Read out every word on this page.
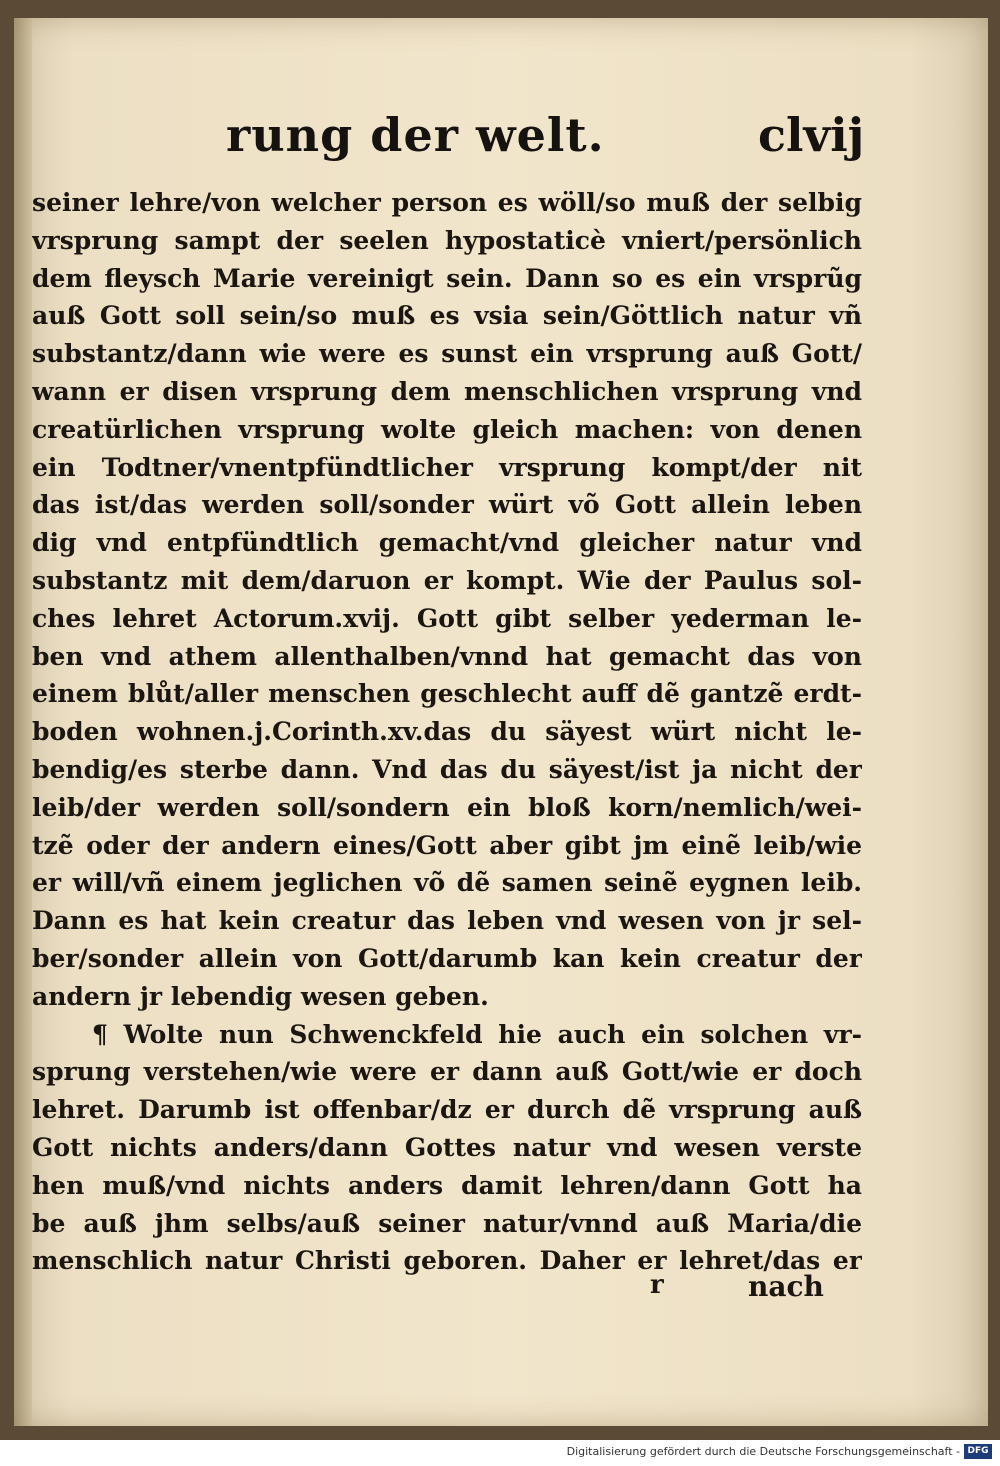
rung der welt.	clvij
seiner lehre/von welcher person es wöll/so muß der selbig
vrsprung sampt der seelen hypostaticè vniert/persönlich
dem fleysch Marie vereinigt sein. Dann so es ein vrsprũg
auß Gott soll sein/so muß es vsia sein/Göttlich natur vñ
substantz/dann wie were es sunst ein vrsprung auß Gott/
wann er disen vrsprung dem menschlichen vrsprung vnd
creatürlichen vrsprung wolte gleich machen: von denen
ein Todtner/vnentpfündtlicher vrsprung kompt/der nit
das ist/das werden soll/sonder würt võ Gott allein leben
dig vnd entpfündtlich gemacht/vnd gleicher natur vnd
substantz mit dem/daruon er kompt. Wie der Paulus sol-
ches lehret Actorum.xvij. Gott gibt selber yederman le-
ben vnd athem allenthalben/vnnd hat gemacht das von
einem blůt/aller menschen geschlecht auff dẽ gantzẽ erdt-
boden wohnen.j.Corinth.xv.das du säyest würt nicht le-
bendig/es sterbe dann. Vnd das du säyest/ist ja nicht der
leib/der werden soll/sondern ein bloß korn/nemlich/wei-
tzẽ oder der andern eines/Gott aber gibt jm einẽ leib/wie
er will/vñ einem jeglichen võ dẽ samen seinẽ eygnen leib.
Dann es hat kein creatur das leben vnd wesen von jr sel-
ber/sonder allein von Gott/darumb kan kein creatur der
andern jr lebendig wesen geben.
¶ Wolte nun Schwenckfeld hie auch ein solchen vr-
sprung verstehen/wie were er dann auß Gott/wie er doch
lehret. Darumb ist offenbar/dz er durch dẽ vrsprung auß
Gott nichts anders/dann Gottes natur vnd wesen verste
hen muß/vnd nichts anders damit lehren/dann Gott ha
be auß jhm selbs/auß seiner natur/vnnd auß Maria/die
menschlich natur Christi geboren. Daher er lehret/das er
r	nach
Digitalisierung gefördert durch die Deutsche Forschungsgemeinschaft - DFG
